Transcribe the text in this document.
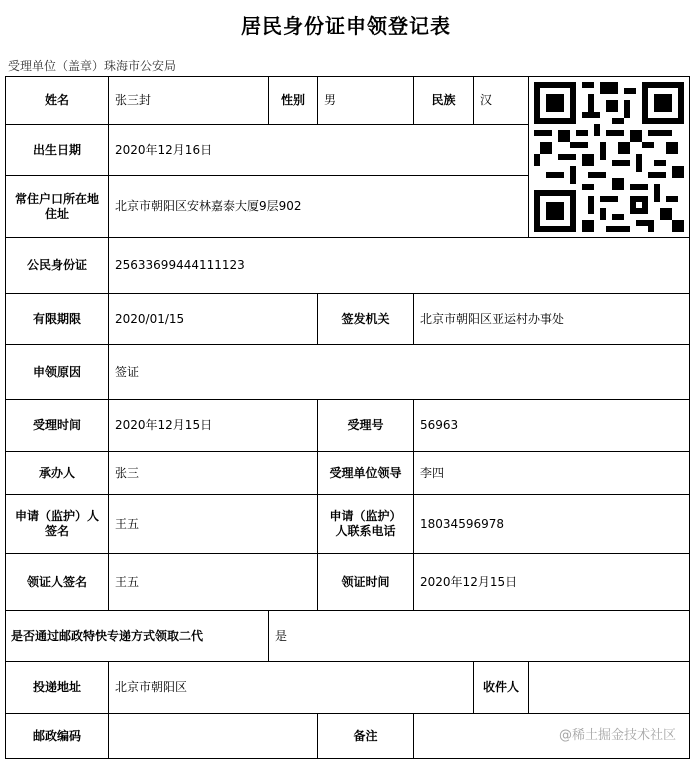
居民身份证申领登记表
受理单位（盖章）珠海市公安局
姓名	张三封	性别	男	民族	汉	

出生日期	2020年12月16日					
常住户口所在地住址	北京市朝阳区安林嘉泰大厦9层902					
公民身份证	25633699444111123					
有限期限	2020/01/15		签发机关	北京市朝阳区亚运村办事处		
申领原因	签证					
受理时间	2020年12月15日		受理号	56963		
承办人	张三		受理单位领导	李四		
申请（监护）人签名	王五		申请（监护）人联系电话	18034596978		
领证人签名	王五		领证时间	2020年12月15日		
是否通过邮政特快专递方式领取二代		是				
投递地址	北京市朝阳区				收件人	
邮政编码			备注				@稀土掘金技术社区
